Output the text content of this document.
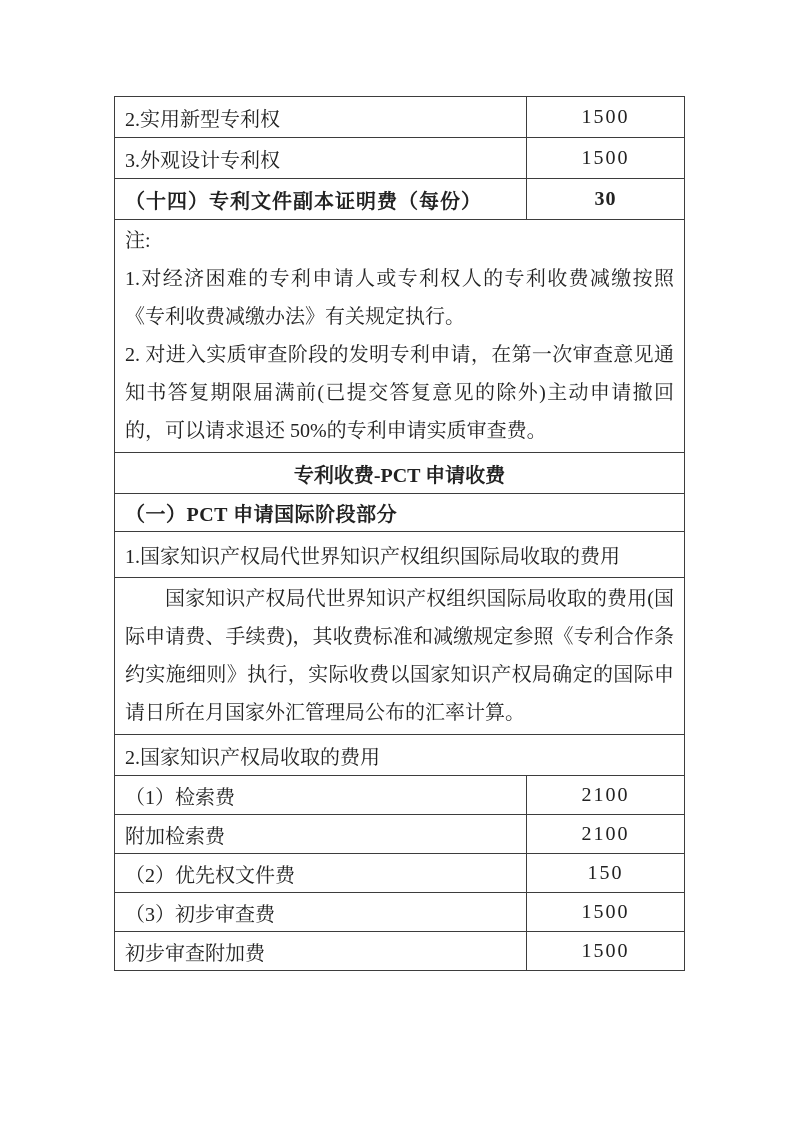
2.实用新型专利权	1500
3.外观设计专利权	1500
（十四）专利文件副本证明费（每份）	30

注:
1.对经济困难的专利申请人或专利权人的专利收费减缴按照《专利收费减缴办法》有关规定执行。
2. 对进入实质审查阶段的发明专利申请，在第一次审查意见通知书答复期限届满前(已提交答复意见的除外)主动申请撤回的，可以请求退还 50%的专利申请实质审查费。	

专利收费-PCT 申请收费	
（一）PCT 申请国际阶段部分	
1.国家知识产权局代世界知识产权组织国际局收取的费用	

国家知识产权局代世界知识产权组织国际局收取的费用(国际申请费、手续费)，其收费标准和减缴规定参照《专利合作条约实施细则》执行，实际收费以国家知识产权局确定的国际申请日所在月国家外汇管理局公布的汇率计算。	

2.国家知识产权局收取的费用	
（1）检索费	2100
附加检索费	2100
（2）优先权文件费	150
（3）初步审查费	1500
初步审查附加费	1500
